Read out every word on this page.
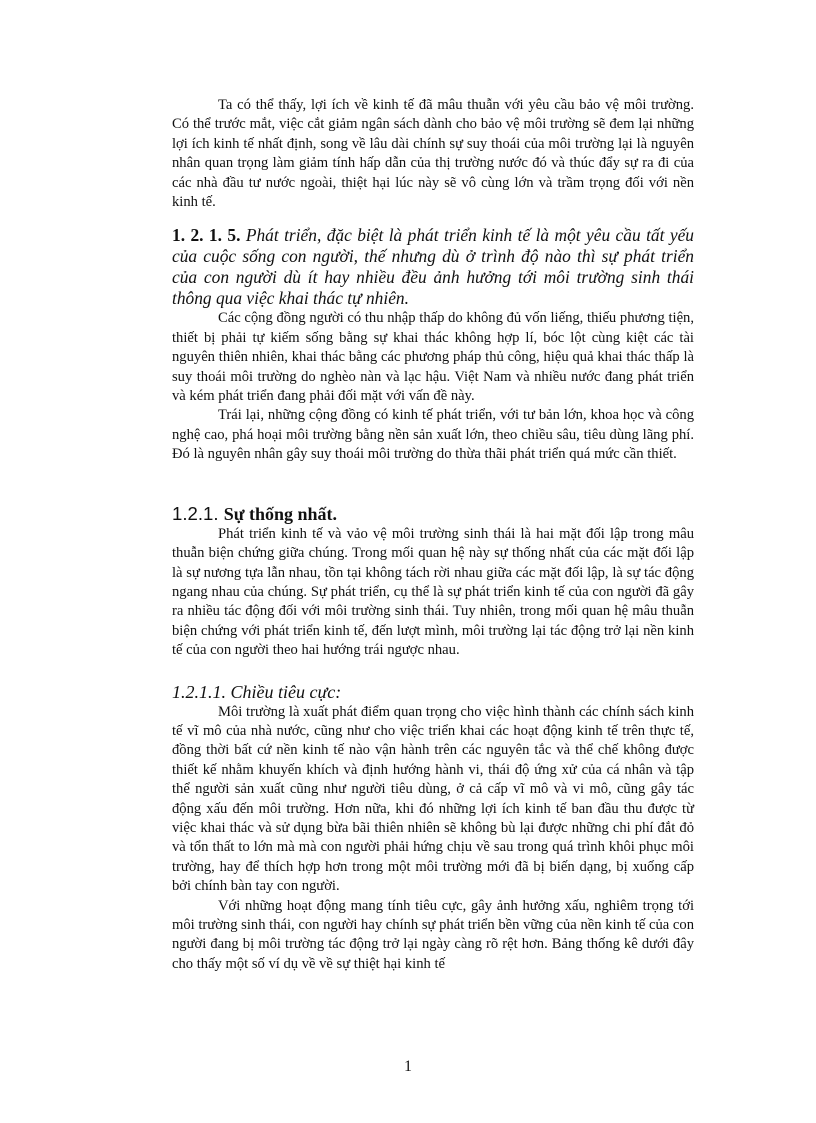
Ta có thể thấy, lợi ích về kinh tế đã mâu thuẫn với yêu cầu bảo vệ môi trường. Có thể trước mắt, việc cắt giảm ngân sách dành cho bảo vệ môi trường sẽ đem lại những lợi ích kinh tế nhất định, song về lâu dài chính sự suy thoái của môi trường lại là nguyên nhân quan trọng làm giảm tính hấp dẫn của thị trường nước đó và thúc đẩy sự ra đi của các nhà đầu tư nước ngoài, thiệt hại lúc này sẽ vô cùng lớn và trầm trọng đối với nền kinh tế.

1. 2. 1. 5. Phát triển, đặc biệt là phát triển kinh tế là một yêu cầu tất yếu của cuộc sống con người, thế nhưng dù ở trình độ nào thì sự phát triển của con người dù ít hay nhiều đều ảnh hưởng tới môi trường sinh thái thông qua việc khai thác tự nhiên.

Các cộng đồng người có thu nhập thấp do không đủ vốn liếng, thiếu phương tiện, thiết bị phải tự kiếm sống bằng sự khai thác không hợp lí, bóc lột cùng kiệt các tài nguyên thiên nhiên, khai thác bằng các phương pháp thủ công, hiệu quả khai thác thấp là suy thoái môi trường do nghèo nàn và lạc hậu. Việt Nam và nhiều nước đang phát triển và kém phát triển đang phải đối mặt với vấn đề này.

Trái lại, những cộng đồng có kinh tế phát triển, với tư bản lớn, khoa học và công nghệ cao, phá hoại môi trường bằng nền sản xuất lớn, theo chiều sâu, tiêu dùng lãng phí. Đó là nguyên nhân gây suy thoái môi trường do thừa thãi phát triển quá mức cần thiết.

1.2.1. Sự thống nhất.

Phát triển kinh tế và vảo vệ môi trường sinh thái là hai mặt đối lập trong mâu thuẫn biện chứng giữa chúng. Trong mối quan hệ này sự thống nhất của các mặt đối lập là sự nương tựa lẫn nhau, tồn tại không tách rời nhau giữa các mặt đối lập, là sự tác động ngang nhau của chúng. Sự phát triển, cụ thể là sự phát triển kinh tế của con người đã gây ra nhiều tác động đối với môi trường sinh thái. Tuy nhiên, trong mối quan hệ mâu thuẫn biện chứng với phát triển kinh tế, đến lượt mình, môi trường lại tác động trở lại nền kinh tế của con người theo hai hướng trái ngược nhau.

1.2.1.1. Chiều tiêu cực:

Môi trường là xuất phát điểm quan trọng cho việc hình thành các chính sách kinh tế vĩ mô của nhà nước, cũng như cho việc triển khai các hoạt động kinh tế trên thực tế, đồng thời bất cứ nền kinh tế nào vận hành trên các nguyên tắc và thể chế không được thiết kế nhằm khuyến khích và định hướng hành vi, thái độ ứng xử của cá nhân và tập thể người sản xuất cũng như người tiêu dùng, ở cả cấp vĩ mô và vi mô, cũng gây tác động xấu đến môi trường. Hơn nữa, khi đó những lợi ích kinh tế ban đầu thu được từ việc khai thác và sử dụng bừa bãi thiên nhiên sẽ không bù lại được những chi phí đắt đỏ và tổn thất to lớn mà mà con người phải hứng chịu về sau trong quá trình khôi phục môi trường, hay để thích hợp hơn trong một môi trường mới đã bị biến dạng, bị xuống cấp bởi chính bàn tay con người.

Với những hoạt động mang tính tiêu cực, gây ảnh hưởng xấu, nghiêm trọng tới môi trường sinh thái, con người hay chính sự phát triển bền vững của nền kinh tế của con người đang bị môi trường tác động trở lại ngày càng rõ rệt hơn. Bảng thống kê dưới đây cho thấy một số ví dụ về về sự thiệt hại kinh tế

1
